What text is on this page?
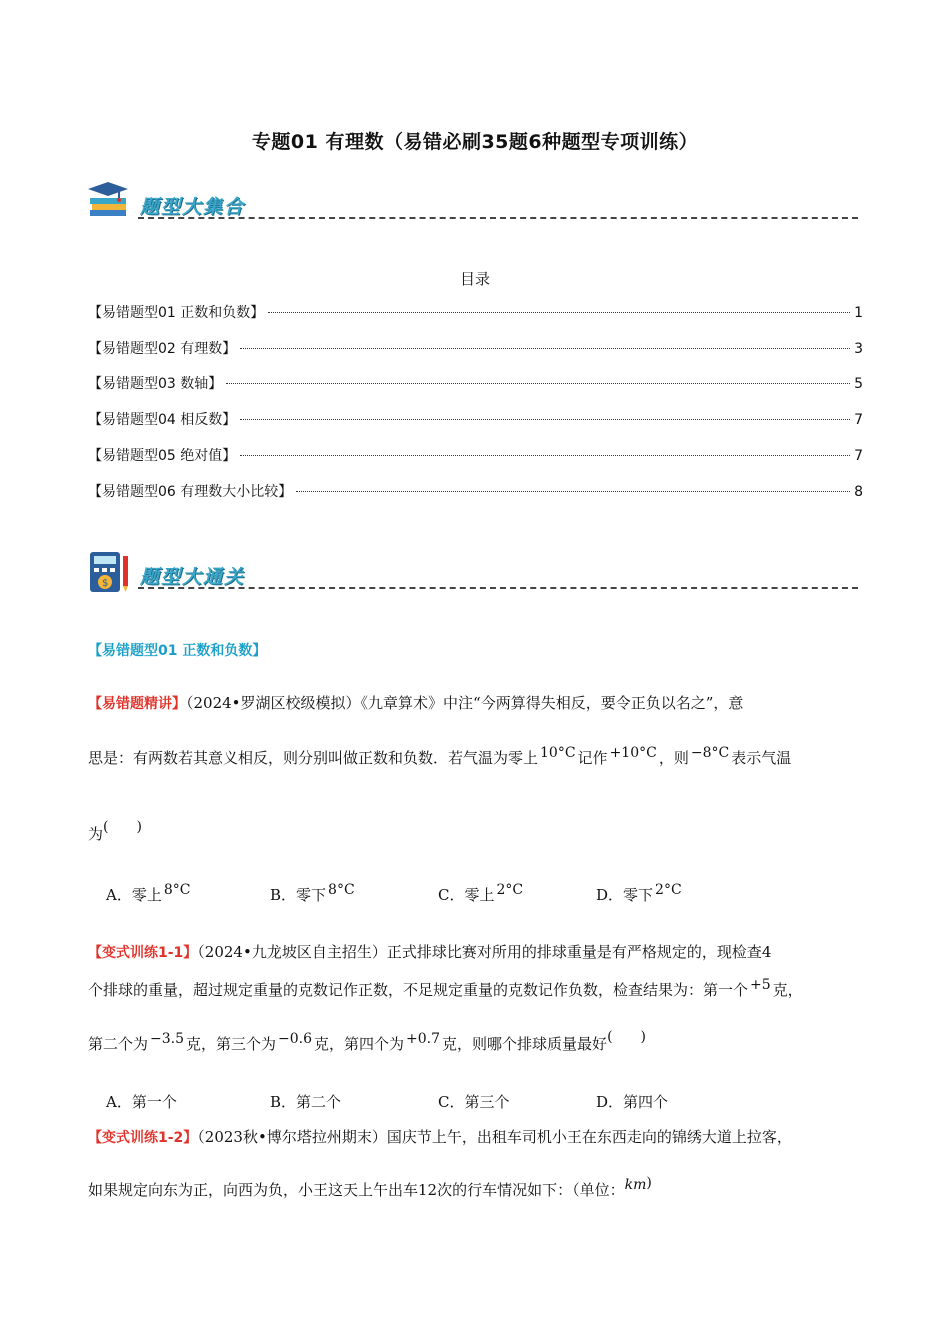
专题01 有理数（易错必刷35题6种题型专项训练）
题型大集合
目录
【易错题型01 正数和负数】	1
【易错题型02 有理数】	3
【易错题型03 数轴】	5
【易错题型04 相反数】	7
【易错题型05 绝对值】	7
【易错题型06 有理数大小比较】	8
$ 题型大通关
【易错题型01 正数和负数】
【易错题精讲】（2024•罗湖区校级模拟）《九章算术》中注“今两算得失相反，要令正负以名之”，意
思是：有两数若其意义相反，则分别叫做正数和负数．若气温为零上 10°C 记作 +10°C ，则 −8°C 表示气温
为(　　)
A．零上 8°C	B．零下 8°C	C．零上 2°C	D．零下 2°C
【变式训练1-1】（2024•九龙坡区自主招生）正式排球比赛对所用的排球重量是有严格规定的，现检查4
个排球的重量，超过规定重量的克数记作正数，不足规定重量的克数记作负数，检查结果为：第一个 +5 克，
第二个为 −3.5 克，第三个为 −0.6 克，第四个为 +0.7 克，则哪个排球质量最好(　　)
A．第一个	B．第二个	C．第三个	D．第四个
【变式训练1-2】（2023秋•博尔塔拉州期末）国庆节上午，出租车司机小王在东西走向的锦绣大道上拉客，
如果规定向东为正，向西为负，小王这天上午出车12次的行车情况如下：（单位：km)
